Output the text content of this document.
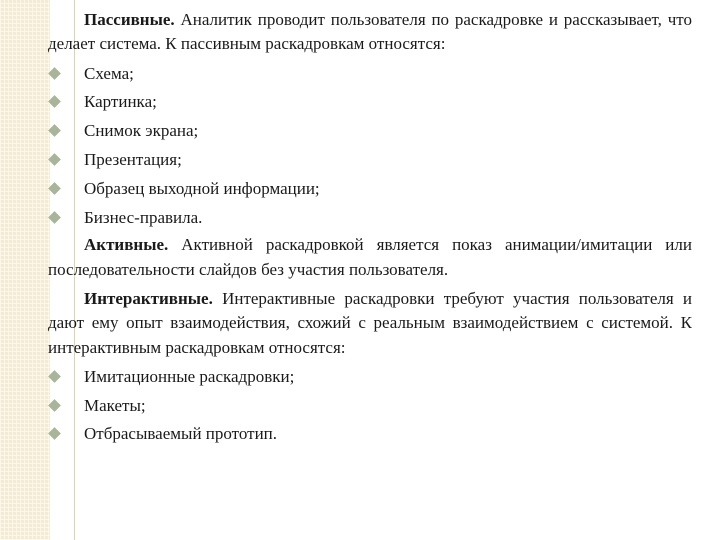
Пассивные. Аналитик проводит пользователя по раскадровке и рассказывает, что делает система. К пассивным раскадровкам относятся:

Схема;
Картинка;
Снимок экрана;
Презентация;
Образец выходной информации;
Бизнес-правила.

Активные. Активной раскадровкой является показ анимации/имитации или последовательности слайдов без участия пользователя.

Интерактивные. Интерактивные раскадровки требуют участия пользователя и дают ему опыт взаимодействия, схожий с реальным взаимодействием с системой. К интерактивным раскадровкам относятся:

Имитационные раскадровки;
Макеты;
Отбрасываемый прототип.
